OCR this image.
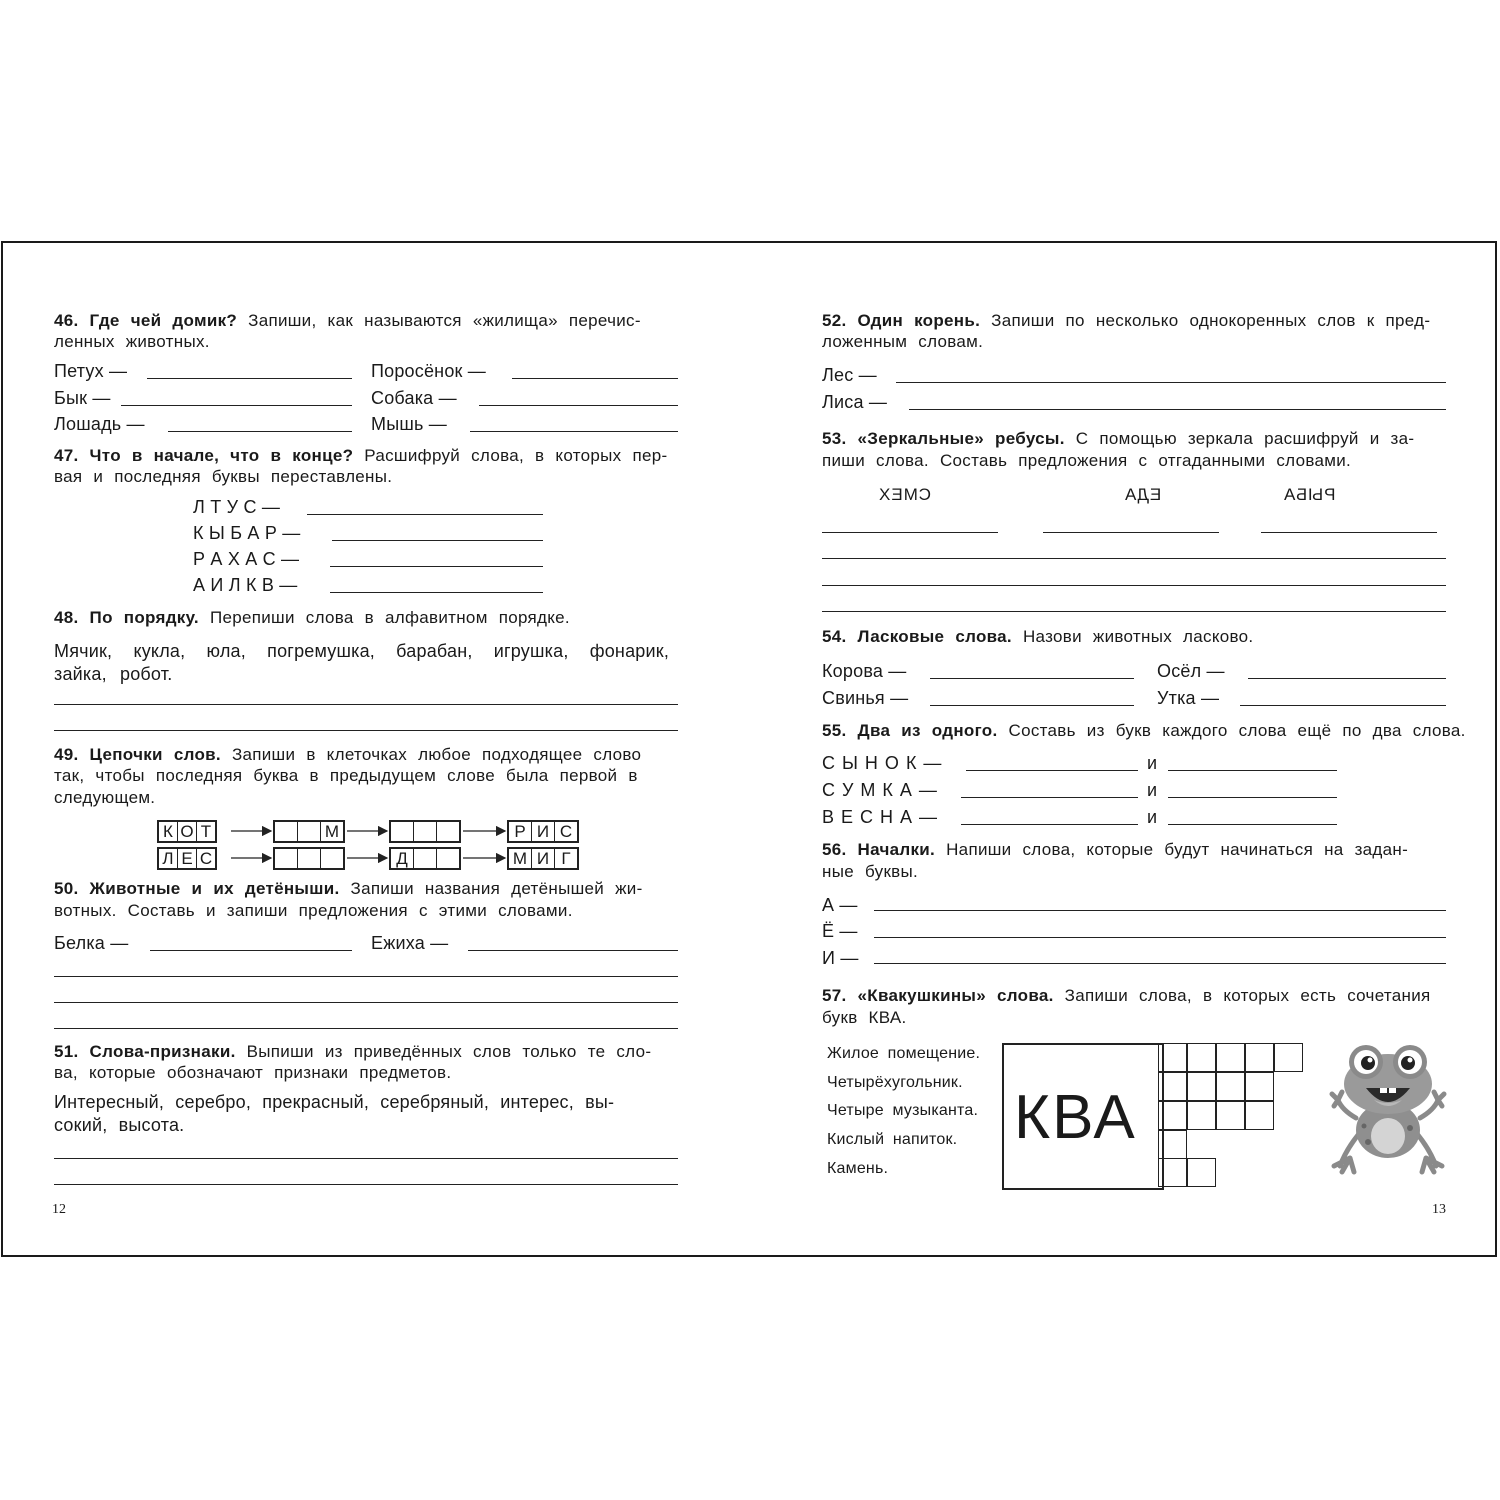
46. Где чей домик? Запиши, как называются «жилища» перечис-
ленных животных.
Петух —	Поросёнок —
Бык —	Собака —
Лошадь —	Мышь —
47. Что в начале, что в конце? Расшифруй слова, в которых пер-
вая и последняя буквы переставлены.
Л Т У С —
К Ы Б А Р —
Р А Х А С —
А И Л К В —
48. По порядку. Перепиши слова в алфавитном порядке.
Мячик, кукла, юла, погремушка, барабан, игрушка, фонарик,
зайка, робот.
49. Цепочки слов. Запиши в клеточках любое подходящее слово
так, чтобы последняя буква в предыдущем слове была первой в
следующем.
К О Т	М	Р И С
Л Е С	Д	М И Г
50. Животные и их детёныши. Запиши названия детёнышей жи-
вотных. Составь и запиши предложения с этими словами.
Белка —	Ежиха —
51. Слова-признаки. Выпиши из приведённых слов только те сло-
ва, которые обозначают признаки предметов.
Интересный, серебро, прекрасный, серебряный, интерес, вы-
сокий, высота.
12
52. Один корень. Запиши по несколько однокоренных слов к пред-
ложенным словам.
Лес —
Лиса —
53. «Зеркальные» ребусы. С помощью зеркала расшифруй и за-
пиши слова. Составь предложения с отгаданными словами.
СМЕХ	ЕДА	РЫБА
54. Ласковые слова. Назови животных ласково.
Корова —	Осёл —
Свинья —	Утка —
55. Два из одного. Составь из букв каждого слова ещё по два слова.
С Ы Н О К —	и
С У М К А —	и
В Е С Н А —	и
56. Началки. Напиши слова, которые будут начинаться на задан-
ные буквы.
А —
Ё —
И —
57. «Квакушкины» слова. Запиши слова, в которых есть сочетания
букв КВА.
Жилое помещение.
Четырёхугольник.
Четыре музыканта.
Кислый напиток.
Камень.
КВА
13
